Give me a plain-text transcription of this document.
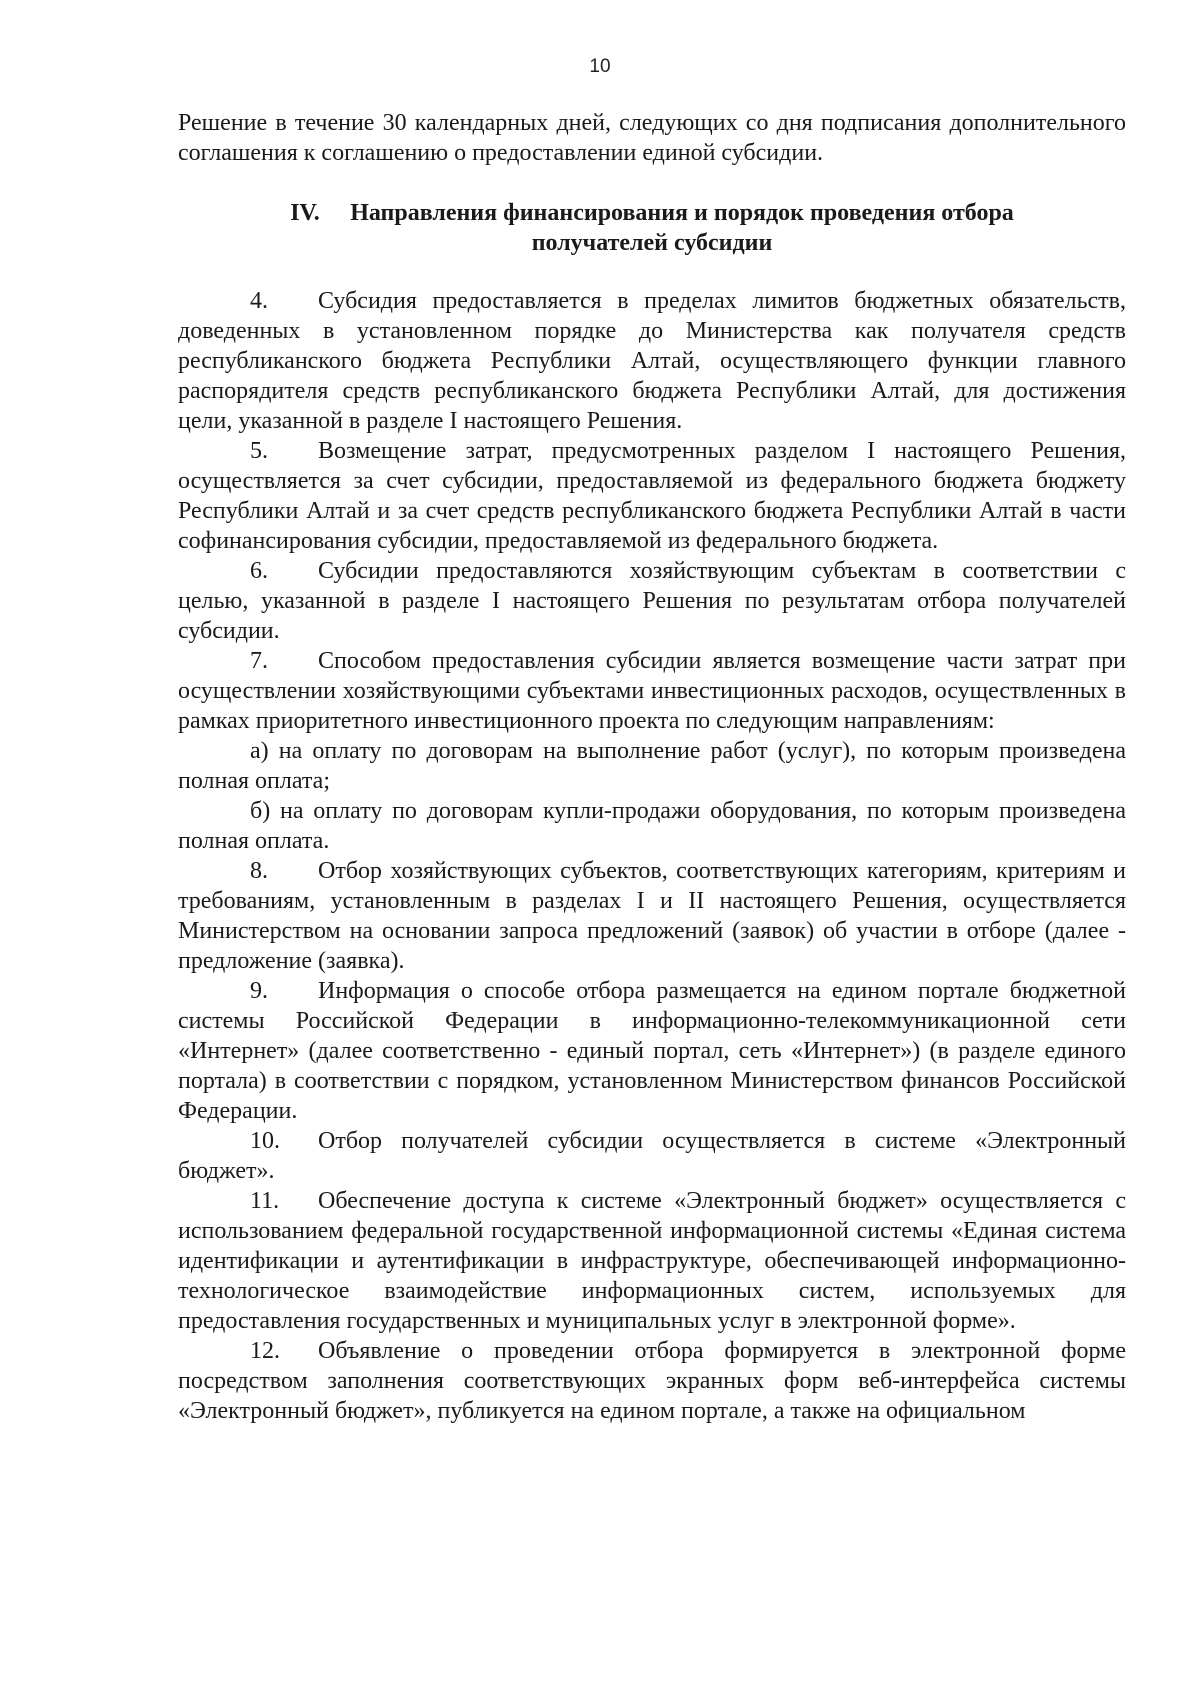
10

Решение в течение 30 календарных дней, следующих со дня подписания дополнительного соглашения к соглашению о предоставлении единой субсидии.

IV. Направления финансирования и порядок проведения отбора
получателей субсидии

4. Субсидия предоставляется в пределах лимитов бюджетных обязательств, доведенных в установленном порядке до Министерства как получателя средств республиканского бюджета Республики Алтай, осуществляющего функции главного распорядителя средств республиканского бюджета Республики Алтай, для достижения цели, указанной в разделе I настоящего Решения.

5. Возмещение затрат, предусмотренных разделом I настоящего Решения, осуществляется за счет субсидии, предоставляемой из федерального бюджета бюджету Республики Алтай и за счет средств республиканского бюджета Республики Алтай в части софинансирования субсидии, предоставляемой из федерального бюджета.

6. Субсидии предоставляются хозяйствующим субъектам в соответствии с целью, указанной в разделе I настоящего Решения по результатам отбора получателей субсидии.

7. Способом предоставления субсидии является возмещение части затрат при осуществлении хозяйствующими субъектами инвестиционных расходов, осуществленных в рамках приоритетного инвестиционного проекта по следующим направлениям:

а) на оплату по договорам на выполнение работ (услуг), по которым произведена полная оплата;

б) на оплату по договорам купли-продажи оборудования, по которым произведена полная оплата.

8. Отбор хозяйствующих субъектов, соответствующих категориям, критериям и требованиям, установленным в разделах I и II настоящего Решения, осуществляется Министерством на основании запроса предложений (заявок) об участии в отборе (далее - предложение (заявка).

9. Информация о способе отбора размещается на едином портале бюджетной системы Российской Федерации в информационно-телекоммуникационной сети «Интернет» (далее соответственно - единый портал, сеть «Интернет») (в разделе единого портала) в соответствии с порядком, установленном Министерством финансов Российской Федерации.

10. Отбор получателей субсидии осуществляется в системе «Электронный бюджет».

11. Обеспечение доступа к системе «Электронный бюджет» осуществляется с использованием федеральной государственной информационной системы «Единая система идентификации и аутентификации в инфраструктуре, обеспечивающей информационно-технологическое взаимодействие информационных систем, используемых для предоставления государственных и муниципальных услуг в электронной форме».

12. Объявление о проведении отбора формируется в электронной форме посредством заполнения соответствующих экранных форм веб-интерфейса системы «Электронный бюджет», публикуется на едином портале, а также на официальном
